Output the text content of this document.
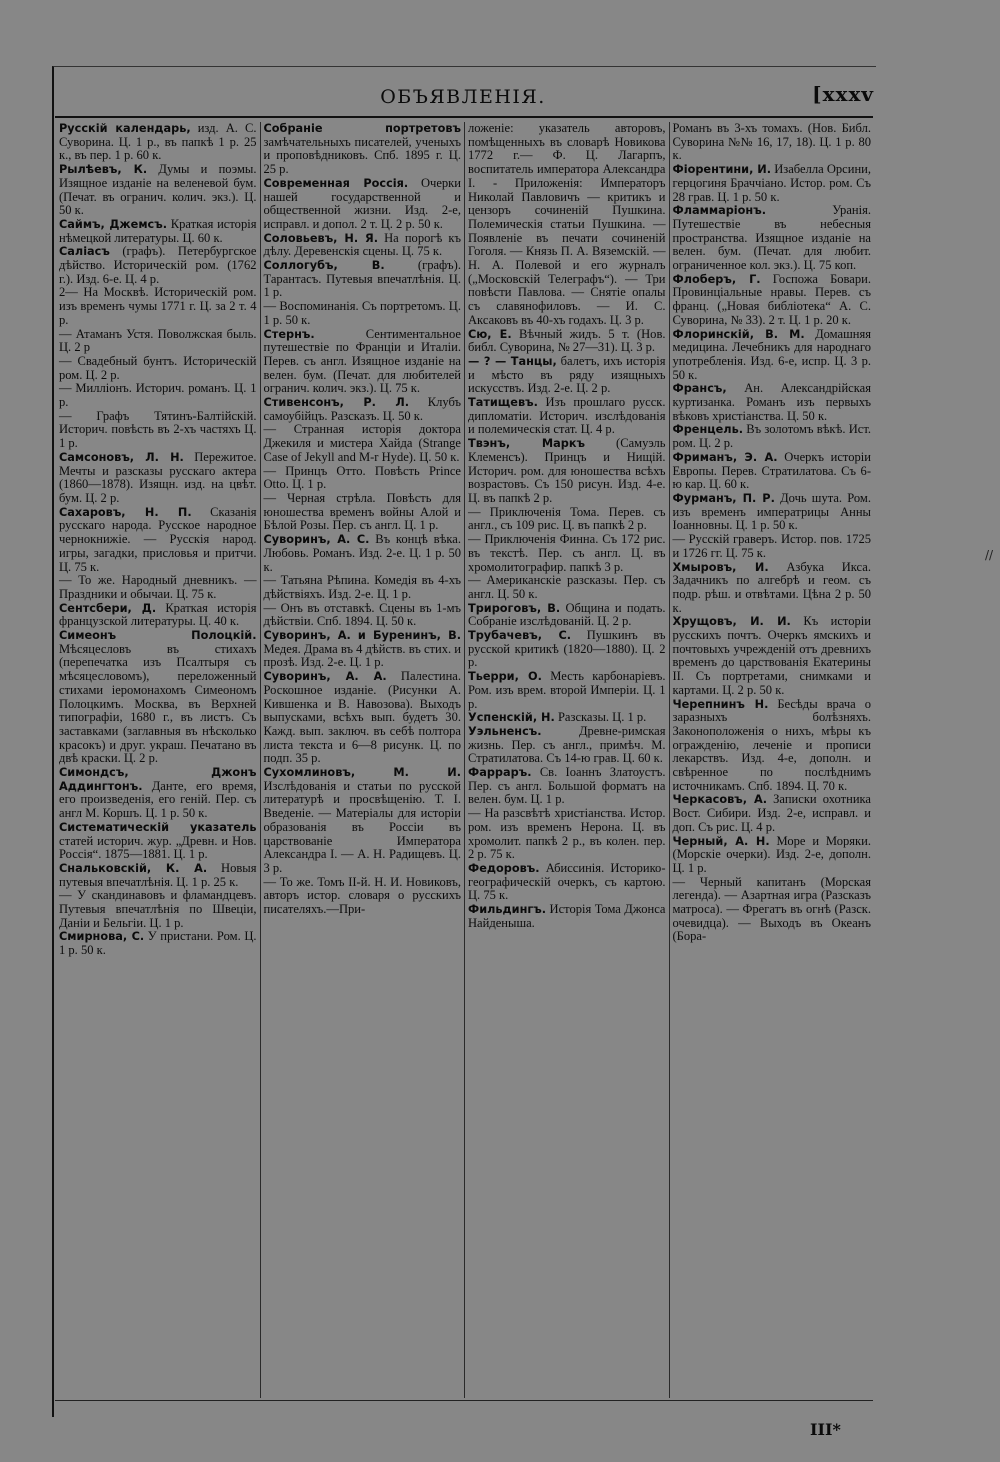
ОБЪЯВЛЕНІЯ.	[xxxv

Русскій календарь, изд. А. С. Суворина. Ц. 1 р., въ папкѣ 1 р. 25 к., въ пер. 1 р. 60 к.

Рылѣевъ, К. Думы и поэмы. Изящное изданіе на веленевой бум. (Печат. въ огранич. колич. экз.). Ц. 50 к.

Саймъ, Джемсъ. Краткая исторія нѣмецкой литературы. Ц. 60 к.

Саліасъ (графъ). Петербургское дѣйство. Историческій ром. (1762 г.). Изд. 6-е. Ц. 4 р.

2— На Москвѣ. Историческій ром. изъ временъ чумы 1771 г. Ц. за 2 т. 4 р.

— Атаманъ Устя. Поволжская быль. Ц. 2 р

— Свадебный бунтъ. Историческій ром. Ц. 2 р.

— Милліонъ. Историч. романъ. Ц. 1 р.

— Графъ Тятинъ-Балтійскій. Историч. повѣсть въ 2-хъ частяхъ Ц. 1 р.

Самсоновъ, Л. Н. Пережитое. Мечты и разсказы русскаго актера (1860—1878). Изящн. изд. на цвѣт. бум. Ц. 2 р.

Сахаровъ, Н. П. Сказанія русскаго народа. Русское народное чернокнижіе. — Русскія народ. игры, загадки, присловья и притчи. Ц. 75 к.

— То же. Народный дневникъ. — Праздники и обычаи. Ц. 75 к.

Сентсбери, Д. Краткая исторія французской литературы. Ц. 40 к.

Симеонъ Полоцкій. Мѣсяцесловъ въ стихахъ (перепечатка изъ Псалтыря съ мѣсяцесловомъ), переложенный стихами іеромонахомъ Симеономъ Полоцкимъ. Москва, въ Верхней типографіи, 1680 г., въ листъ. Съ заставками (заглавныя въ нѣсколько красокъ) и друг. украш. Печатано въ двѣ краски. Ц. 2 р.

Симондсъ, Джонъ Аддингтонъ. Данте, его время, его произведенія, его геній. Пер. съ англ М. Коршъ. Ц. 1 р. 50 к.

Систематическій указатель статей историч. жур. „Древн. и Нов. Россія“. 1875—1881. Ц. 1 р.

Снальковскій, К. А. Новыя путевыя впечатлѣнія. Ц. 1 р. 25 к.

— У скандинавовъ и фламандцевъ. Путевыя впечатлѣнія по Швеціи, Даніи и Бельгіи. Ц. 1 р.

Смирнова, С. У пристани. Ром. Ц. 1 р. 50 к.

Собраніе портретовъ замѣчательныхъ писателей, ученыхъ и проповѣдниковъ. Спб. 1895 г. Ц. 25 р.

Современная Россія. Очерки нашей государственной и общественной жизни. Изд. 2-е, исправл. и допол. 2 т. Ц. 2 р. 50 к.

Соловьевъ, Н. Я. На порогѣ къ дѣлу. Деревенскія сцены. Ц. 75 к.

Соллогубъ, В.	(графъ). Тарантасъ. Путевыя впечатлѣнія. Ц. 1 р.

— Воспоминанія. Съ портретомъ. Ц. 1 р. 50 к.

Стернъ.	Сентиментальное путешествіе по Франціи и Италіи. Перев. съ англ. Изящное изданіе на велен. бум. (Печат. для любителей огранич. колич. экз.). Ц. 75 к.

Стивенсонъ, Р. Л. Клубъ самоубійцъ. Разсказъ. Ц. 50 к.

— Странная исторія доктора Джекиля и мистера Хайда (Strange Case of Jekyll and M-r Hyde). Ц. 50 к.

— Принцъ Отто. Повѣсть Prince Otto. Ц. 1 р.

— Черная стрѣла. Повѣсть для юношества временъ войны Алой и Бѣлой Розы. Пер. съ англ. Ц. 1 р.

Суворинъ, А. С. Въ концѣ вѣка. Любовь. Романъ. Изд. 2-е. Ц. 1 р. 50 к.

— Татьяна Рѣпина. Комедія въ 4-хъ дѣйствіяхъ. Изд. 2-е. Ц. 1 р.

— Онъ въ отставкѣ. Сцены въ 1-мъ дѣйствіи. Спб. 1894. Ц. 50 к.

Суворинъ, А. и Буренинъ, В. Медея. Драма въ 4 дѣйств. въ стих. и прозѣ. Изд. 2-е. Ц. 1 р.

Суворинъ, А. А. Палестина. Роскошное изданіе. (Рисунки А. Кившенка и В. Навозова). Выходъ выпусками, всѣхъ вып. будетъ 30. Кажд. вып. заключ. въ себѣ полтора листа текста и 6—8 рисунк. Ц. по подп. 35 р.

Сухомлиновъ, М. И. Изслѣдованія и статьи по русской литературѣ и просвѣщенію. Т. I. Введеніе. — Матеріалы для исторіи образованія въ Россіи въ царствованіе Императора Александра I. — А. Н. Радищевъ. Ц. 3 р.

— То же. Томъ II-й. Н. И. Новиковъ, авторъ истор. словаря о русскихъ писателяхъ.—При-

ложеніе: указатель авторовъ, помѣщенныхъ въ словарѣ Новикова 1772 г.— Ф. Ц. Лагарпъ, воспитатель императора Александра I. - Приложенія: Императоръ Николай Павловичъ — критикъ и цензоръ сочиненій Пушкина. Полемическія статьи Пушкина. — Появленіе въ печати сочиненій Гоголя. — Князь П. А. Вяземскій. — Н. А. Полевой и его журналъ („Московскій Телеграфъ“). — Три повѣсти Павлова. — Снятіе опалы съ славянофиловъ. — И. С. Аксаковъ въ 40-хъ годахъ. Ц. 3 р.

Сю, Е. Вѣчный жидъ. 5 т. (Нов. библ. Суворина, № 27—31). Ц. 3 р.

— ? — Танцы, балетъ, ихъ исторія и мѣсто въ ряду изящныхъ искусствъ. Изд. 2-е. Ц. 2 р.

Татищевъ. Изъ прошлаго русск. дипломатіи. Историч. изслѣдованія и полемическія стат. Ц. 4 р.

Твэнъ, Маркъ (Самуэль Клеменсъ). Принцъ и Нищій. Историч. ром. для юношества всѣхъ возрастовъ. Съ 150 рисун. Изд. 4-е. Ц. въ папкѣ 2 р.

— Приключенія Тома. Перев. съ англ., съ 109 рис. Ц. въ папкѣ 2 р.

— Приключенія Финна. Съ 172 рис. въ текстѣ. Пер. съ англ. Ц. въ хромолитографир. папкѣ 3 р.

— Американскіе разсказы. Пер. съ англ. Ц. 50 к.

Трироговъ, В. Община и подать. Собраніе изслѣдованій. Ц. 2 р.

Трубачевъ, С. Пушкинъ въ русской критикѣ (1820—1880). Ц. 2 р.

Тьерри, О. Месть карбонаріевъ. Ром. изъ врем. второй Имперіи. Ц. 1 р.

Успенскій, Н. Разсказы. Ц. 1 р.

Уэльненсъ.	Древне-римская жизнь. Пер. съ англ., примѣч. М. Стратилатова. Съ 14-ю грав. Ц. 60 к.

Фарраръ. Св. Іоаннъ Златоустъ. Пер. съ англ. Большой форматъ на велен. бум. Ц. 1 р.

— На разсвѣтѣ христіанства. Истор. ром. изъ временъ Нерона. Ц. въ хромолит. папкѣ 2 р., въ колен. пер. 2 р. 75 к.

Федоровъ. Абиссинія. Историко-географическій очеркъ, съ картою. Ц. 75 к.

Фильдингъ. Исторія Тома Джонса Найденыша.

Романъ въ 3-хъ томахъ. (Нов. Библ. Суворина №№ 16, 17, 18). Ц. 1 р. 80 к.

Фіорентини, И. Изабелла Орсини, герцогиня Браччіано. Истор. ром. Съ 28 грав. Ц. 1 р. 50 к.

Фламмаріонъ.	Уранія. Путешествіе въ небесныя пространства. Изящное изданіе на велен. бум. (Печат. для любит. ограниченное кол. экз.). Ц. 75 коп.

Флоберъ, Г. Госпожа Бовари. Провинціальные нравы. Перев. съ франц. („Новая библіотека“ А. С. Суворина, № 33). 2 т. Ц. 1 р. 20 к.

Флоринскій, В. М. Домашняя медицина. Лечебникъ для народнаго употребленія. Изд. 6-е, испр. Ц. 3 р. 50 к.

Франсъ, Ан. Александрійская куртизанка. Романъ изъ первыхъ вѣковъ христіанства. Ц. 50 к.

Френцель. Въ золотомъ вѣкѣ. Ист. ром. Ц. 2 р.

Фриманъ, Э. А. Очеркъ исторіи Европы. Перев. Стратилатова. Съ 6-ю кар. Ц. 60 к.

Фурманъ, П. Р. Дочь шута. Ром. изъ временъ императрицы Анны Іоанновны. Ц. 1 р. 50 к.

— Русскій граверъ. Истор. пов. 1725 и 1726 гг. Ц. 75 к.

Хмыровъ, И. Азбука Икса. Задачникъ по алгебрѣ и геом. съ подр. рѣш. и отвѣтами. Цѣна 2 р. 50 к.

Хрущовъ, И. И. Къ исторіи русскихъ почтъ. Очеркъ ямскихъ и почтовыхъ учрежденій отъ древнихъ временъ до царствованія Екатерины II. Съ портретами, снимками и картами. Ц. 2 р. 50 к.

Черепнинъ Н. Бесѣды врача о заразныхъ болѣзняхъ. Законоположенія о нихъ, мѣры къ огражденію, леченіе и прописи лекарствъ. Изд. 4-е, дополн. и свѣренное по послѣднимъ источникамъ. Спб. 1894. Ц. 70 к.

Черкасовъ, А. Записки охотника Вост. Сибири. Изд. 2-е, исправл. и доп. Съ рис. Ц. 4 р.

Черный, А. Н. Море и Моряки. (Морскіе очерки). Изд. 2-е, дополн. Ц. 1 р.

— Черный капитанъ (Морская легенда). — Азартная игра (Разсказъ матроса). — Фрегатъ въ огнѣ (Разск. очевидца). — Выходъ въ Океанъ (Бора-

III*
//
